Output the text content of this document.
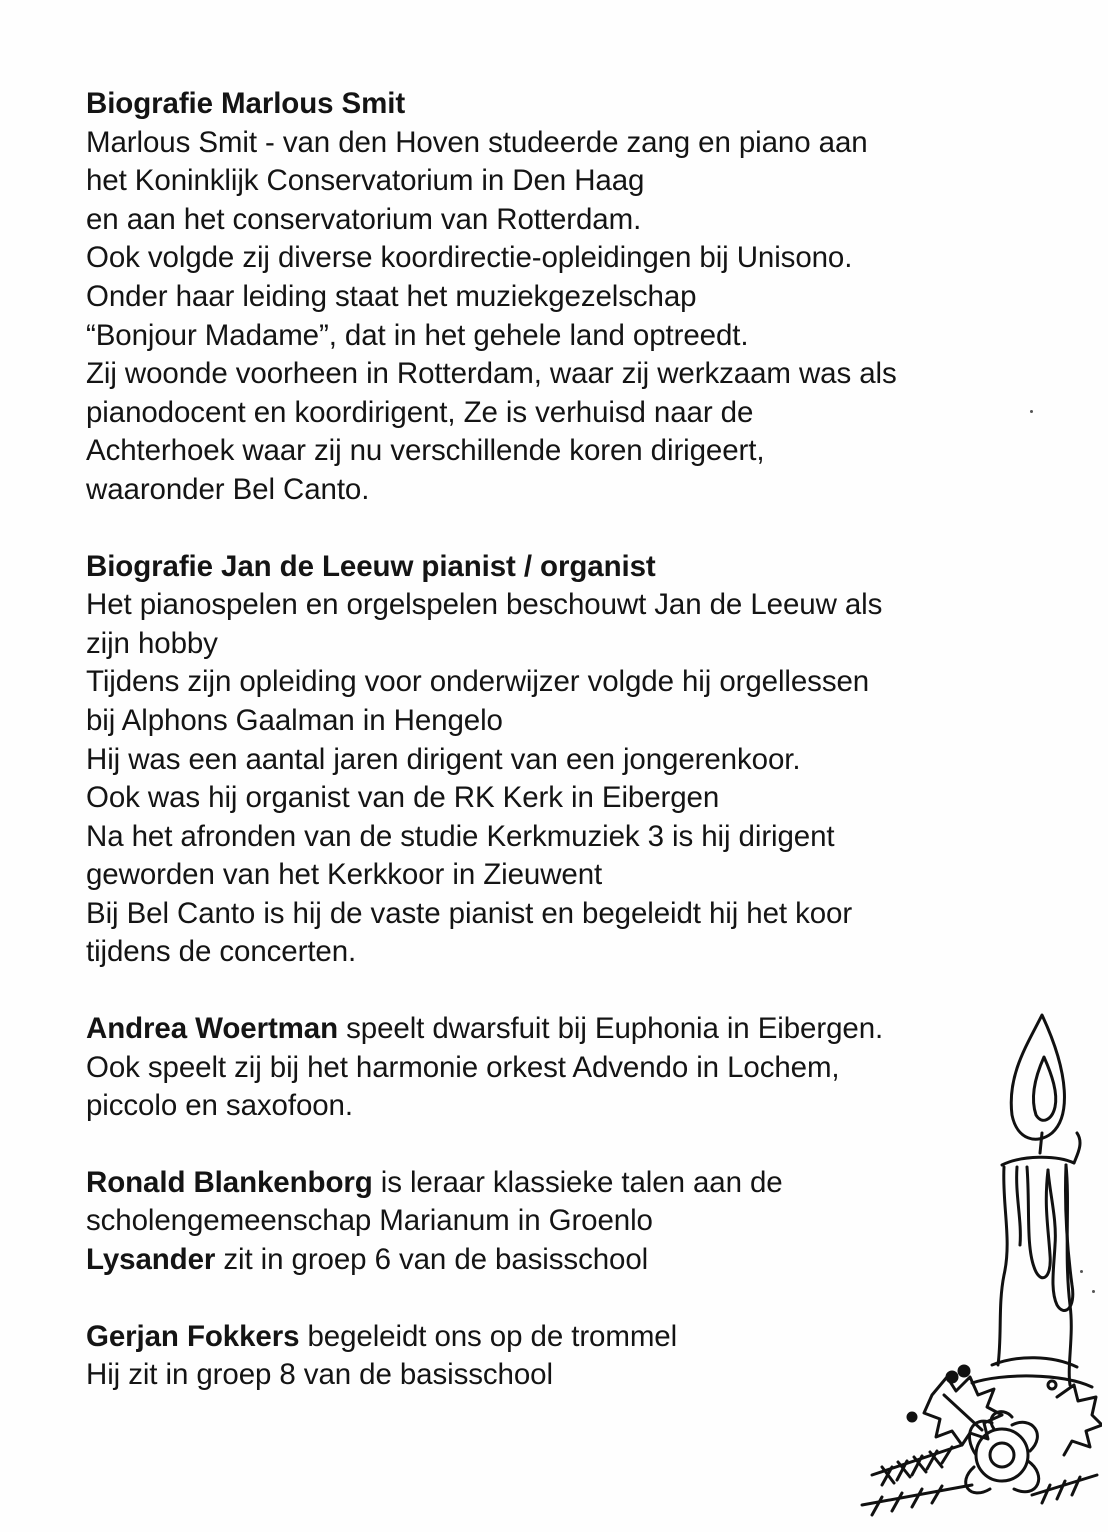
Biografie Marlous Smit
Marlous Smit - van den Hoven studeerde zang en piano aan
het Koninklijk Conservatorium in Den Haag
en aan het conservatorium van Rotterdam.
Ook volgde zij diverse koordirectie-opleidingen bij Unisono.
Onder haar leiding staat het muziekgezelschap
“Bonjour Madame”, dat in het gehele land optreedt.
Zij woonde voorheen in Rotterdam, waar zij werkzaam was als
pianodocent en koordirigent, Ze is verhuisd naar de
Achterhoek waar zij nu verschillende koren dirigeert,
waaronder Bel Canto.
Biografie Jan de Leeuw pianist / organist
Het pianospelen en orgelspelen beschouwt Jan de Leeuw als
zijn hobby
Tijdens zijn opleiding voor onderwijzer volgde hij orgellessen
bij Alphons Gaalman in Hengelo
Hij was een aantal jaren dirigent van een jongerenkoor.
Ook was hij organist van de RK Kerk in Eibergen
Na het afronden van de studie Kerkmuziek 3 is hij dirigent
geworden van het Kerkkoor in Zieuwent
Bij Bel Canto is hij de vaste pianist en begeleidt hij het koor
tijdens de concerten.
Andrea Woertman speelt dwarsfuit bij Euphonia in Eibergen.
Ook speelt zij bij het harmonie orkest Advendo in Lochem,
piccolo en saxofoon.
Ronald Blankenborg is leraar klassieke talen aan de
scholengemeenschap Marianum in Groenlo
Lysander zit in groep 6 van de basisschool
Gerjan Fokkers begeleidt ons op de trommel
Hij zit in groep 8 van de basisschool
